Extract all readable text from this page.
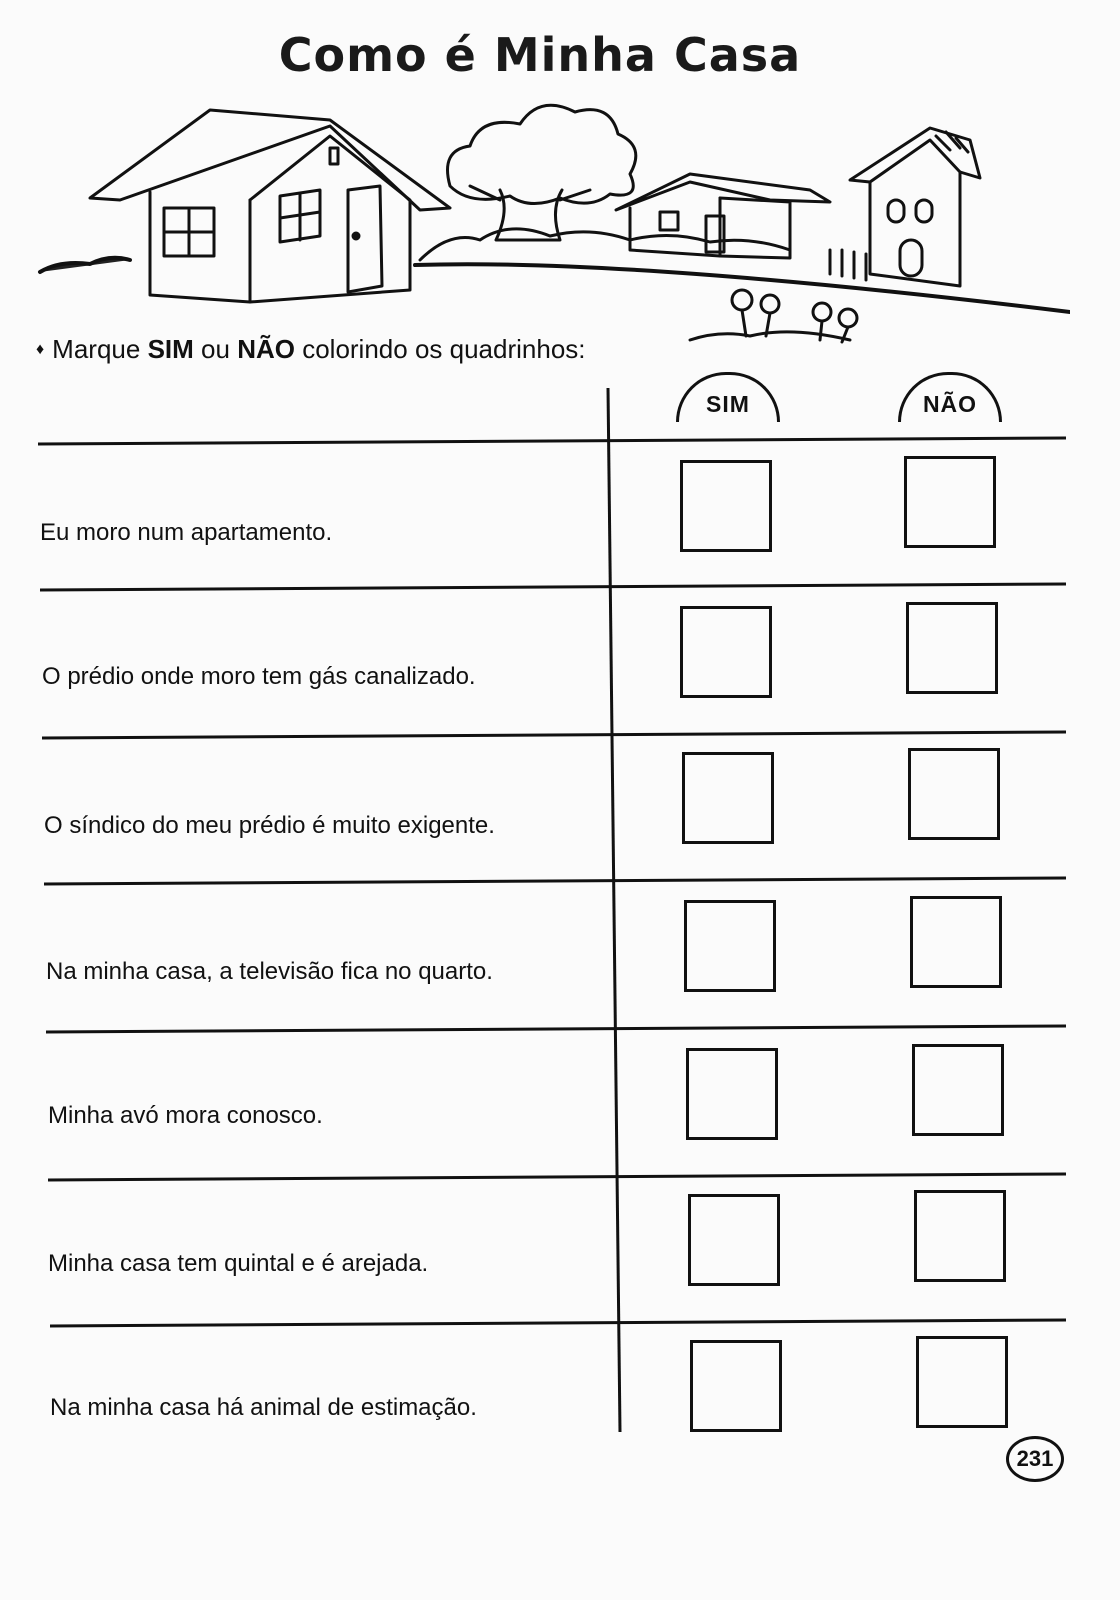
Como é Minha Casa
♦ Marque SIM ou NÃO colorindo os quadrinhos:
SIM	NÃO
Eu moro num apartamento.
O prédio onde moro tem gás canalizado.
O síndico do meu prédio é muito exigente.
Na minha casa, a televisão fica no quarto.
Minha avó mora conosco.
Minha casa tem quintal e é arejada.
Na minha casa há animal de estimação.
231
